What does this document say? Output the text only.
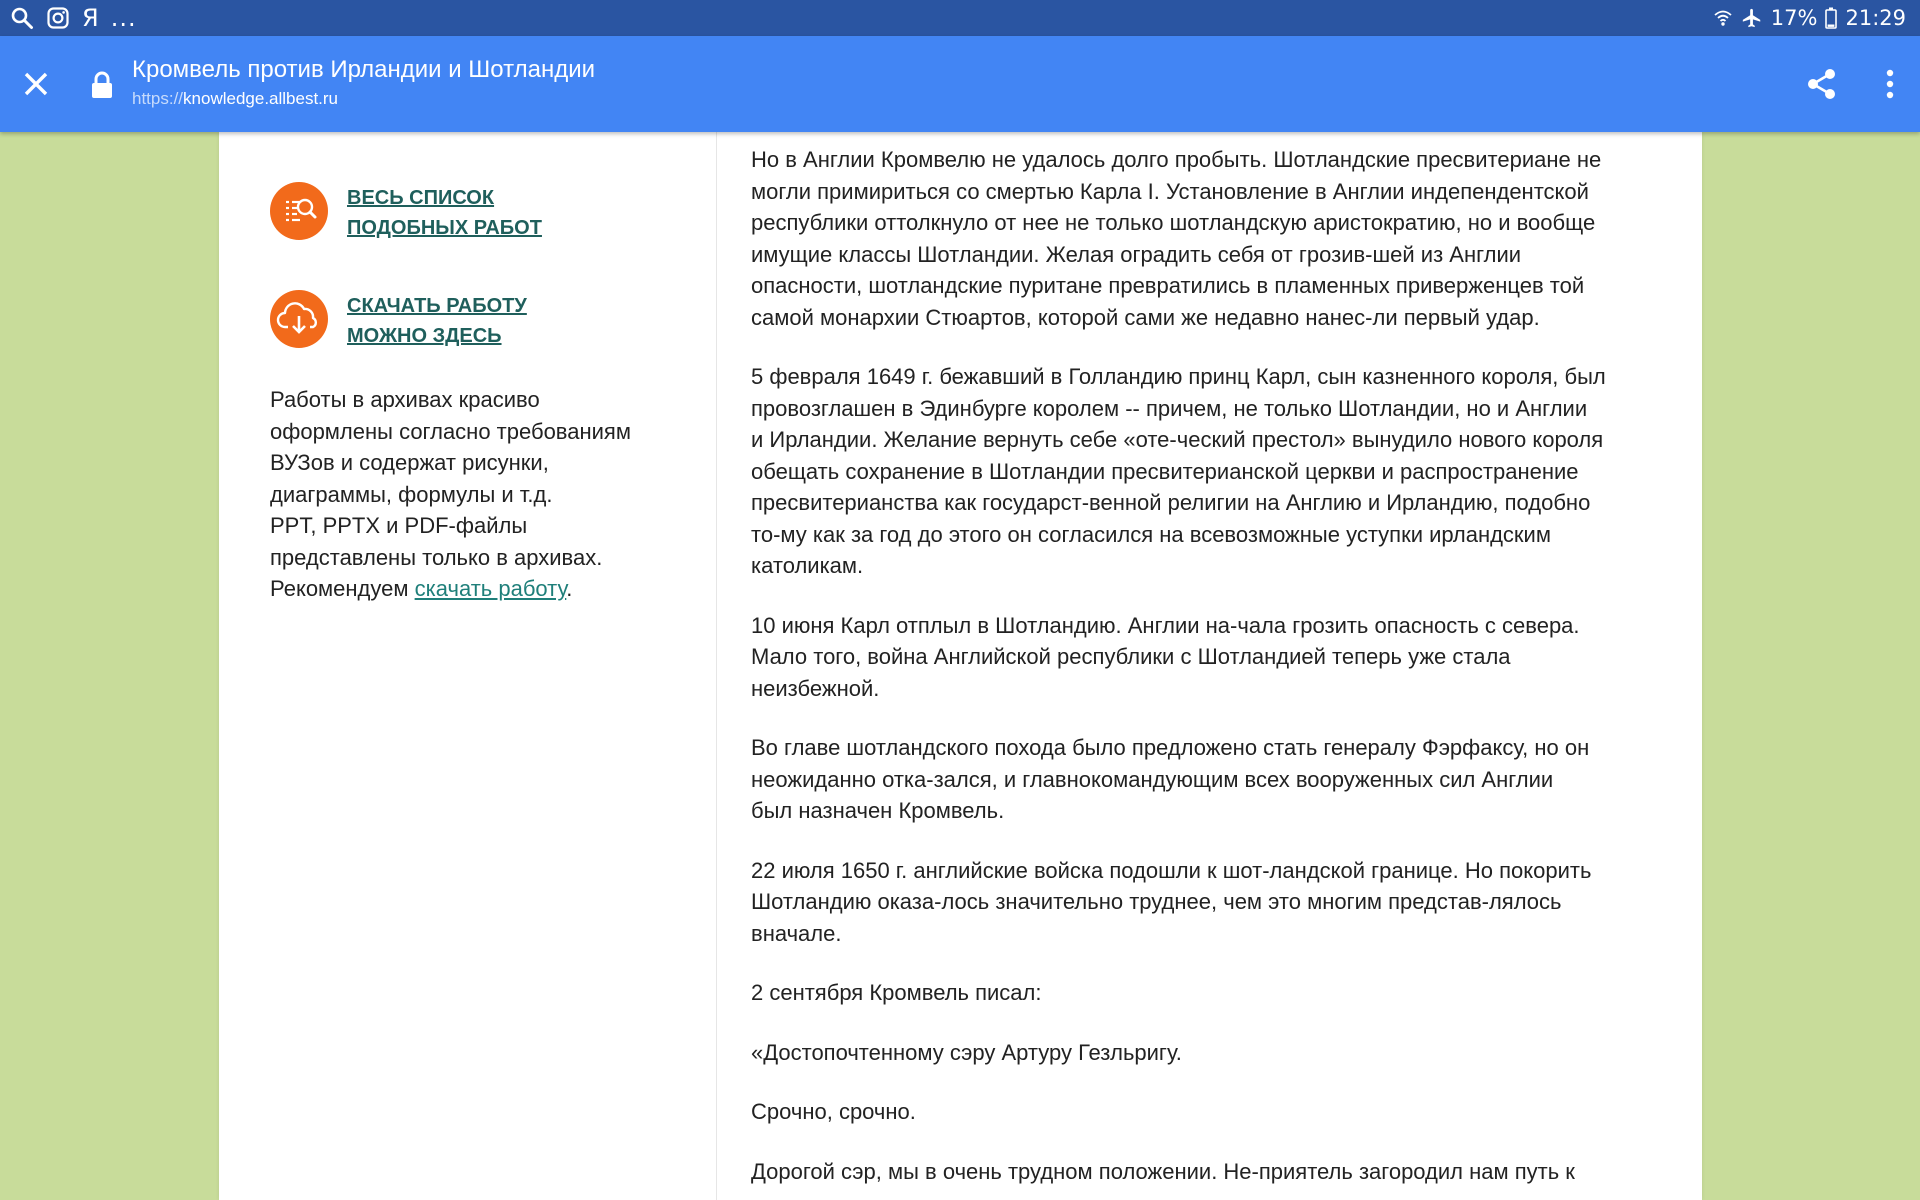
Я ...	17% 21:29
Кромвель против Ирландии и Шотландии
https://knowledge.allbest.ru
ВЕСЬ СПИСОК
ПОДОБНЫХ РАБОТ
СКАЧАТЬ РАБОТУ
МОЖНО ЗДЕСЬ
Работы в архивах красиво
оформлены согласно требованиям
ВУЗов и содержат рисунки,
диаграммы, формулы и т.д.
PPT, PPTX и PDF-файлы
представлены только в архивах.
Рекомендуем скачать работу.

Но в Англии Кромвелю не удалось долго пробыть. Шотландские пресвитериане не
могли примириться со смертью Карла I. Установление в Англии индепендентской
республики оттолкнуло от нее не только шотландскую аристократию, но и вообще
имущие классы Шотландии. Желая оградить себя от грозив-шей из Англии
опасности, шотландские пуритане превратились в пламенных приверженцев той
самой монархии Стюартов, которой сами же недавно нанес-ли первый удар.

5 февраля 1649 г. бежавший в Голландию принц Карл, сын казненного короля, был
провозглашен в Эдинбурге королем -- причем, не только Шотландии, но и Англии
и Ирландии. Желание вернуть себе «оте-ческий престол» вынудило нового короля
обещать сохранение в Шотландии пресвитерианской церкви и распространение
пресвитерианства как государст-венной религии на Англию и Ирландию, подобно
то-му как за год до этого он согласился на всевозможные уступки ирландским
католикам.

10 июня Карл отплыл в Шотландию. Англии на-чала грозить опасность с севера.
Мало того, война Английской республики с Шотландией теперь уже стала
неизбежной.

Во главе шотландского похода было предложено стать генералу Фэрфаксу, но он
неожиданно отка-зался, и главнокомандующим всех вооруженных сил Англии
был назначен Кромвель.

22 июля 1650 г. английские войска подошли к шот-ландской границе. Но покорить
Шотландию оказа-лось значительно труднее, чем это многим представ-лялось
вначале.

2 сентября Кромвель писал:

«Достопочтенному сэру Артуру Гезльригу.

Срочно, срочно.

Дорогой сэр, мы в очень трудном положении. Не-приятель загородил нам путь к
